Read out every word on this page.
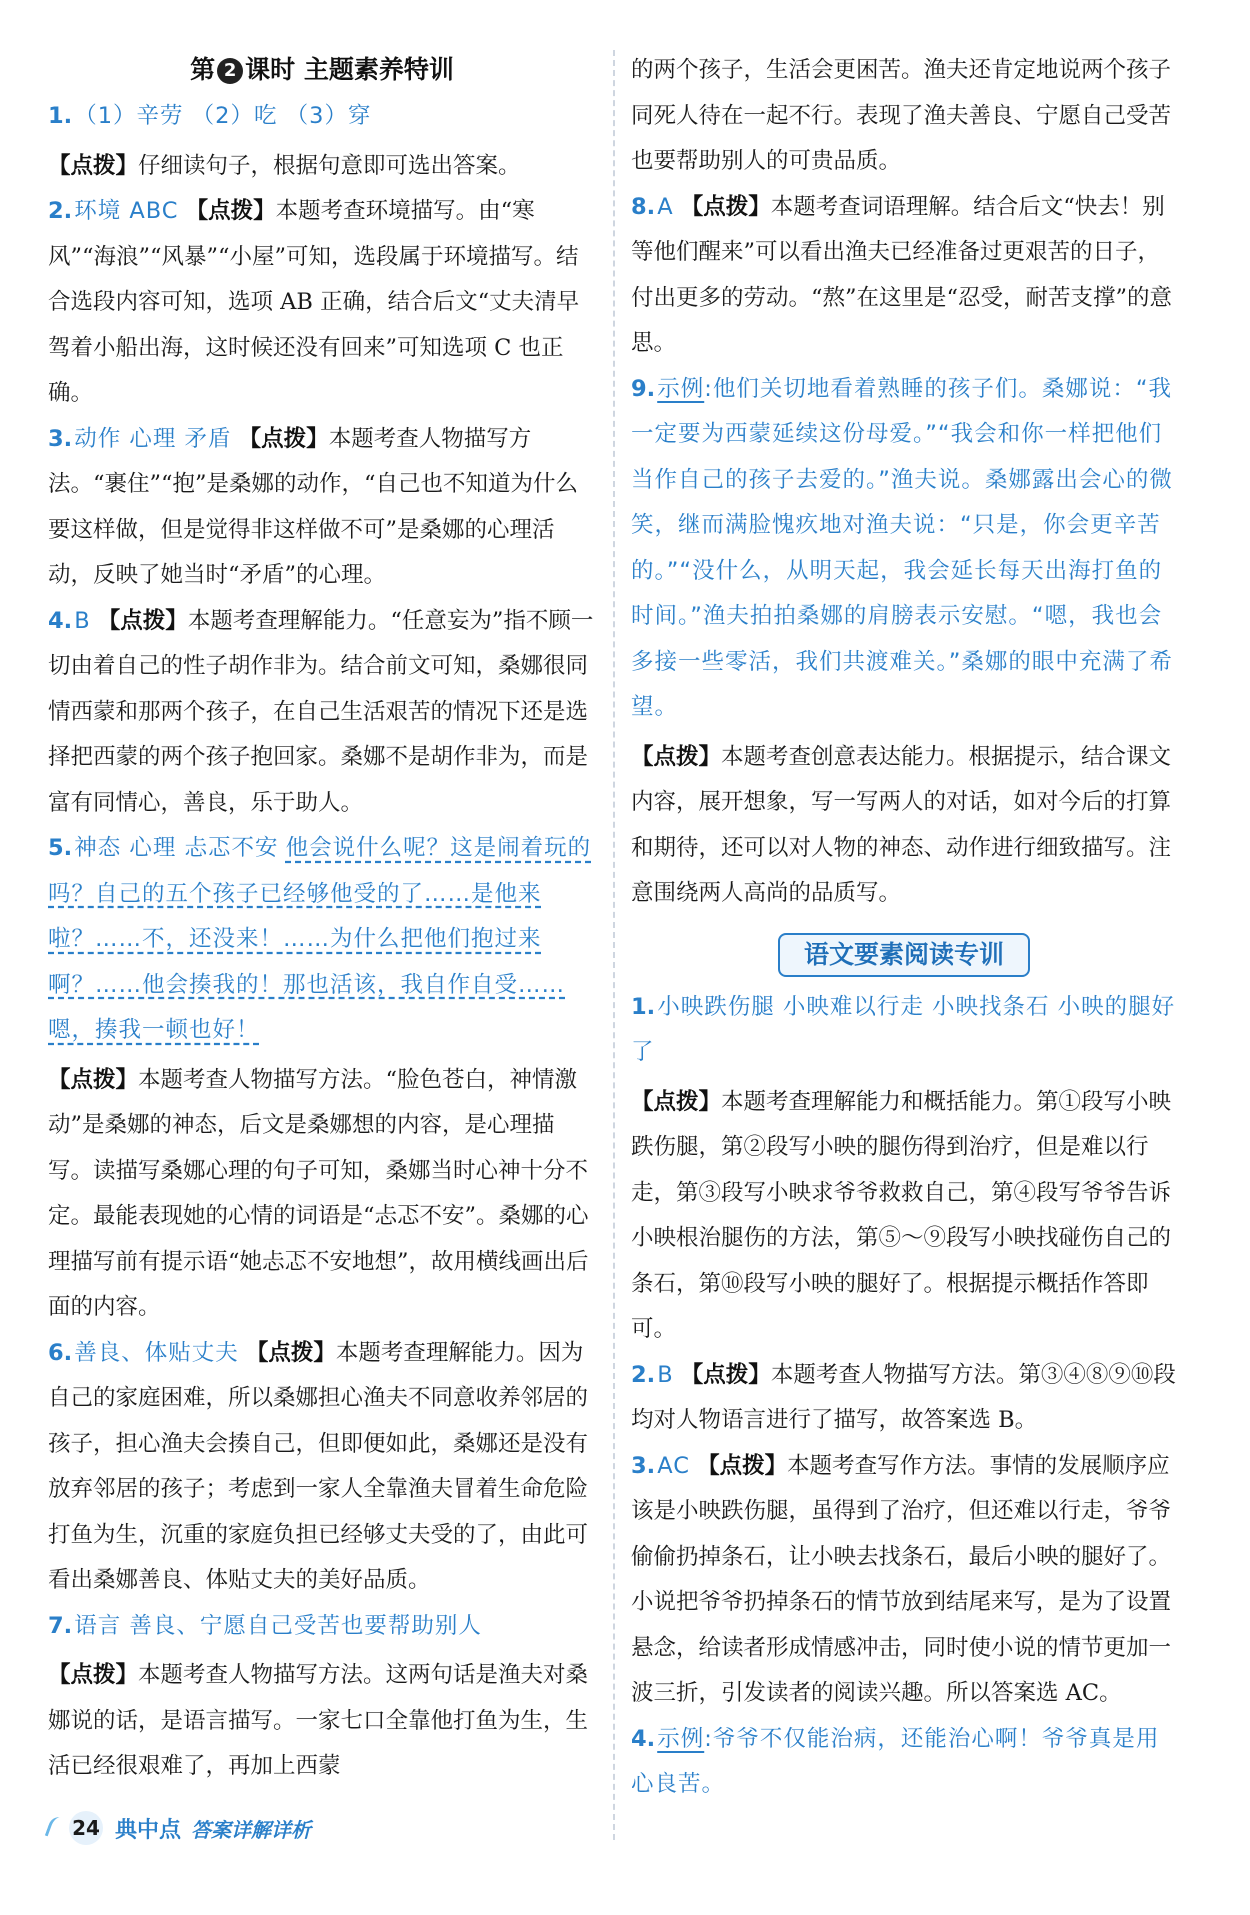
第 2 课时 主题素养特训

1.（1）辛劳 （2）吃 （3）穿

【点拨】仔细读句子，根据句意即可选出答案。

2.环境 ABC 【点拨】本题考查环境描写。由“寒风”“海浪”“风暴”“小屋”可知，选段属于环境描写。结合选段内容可知，选项 AB 正确，结合后文“丈夫清早驾着小船出海，这时候还没有回来”可知选项 C 也正确。

3.动作 心理 矛盾 【点拨】本题考查人物描写方法。“裹住”“抱”是桑娜的动作，“自己也不知道为什么要这样做，但是觉得非这样做不可”是桑娜的心理活动，反映了她当时“矛盾”的心理。

4.B 【点拨】本题考查理解能力。“任意妄为”指不顾一切由着自己的性子胡作非为。结合前文可知，桑娜很同情西蒙和那两个孩子，在自己生活艰苦的情况下还是选择把西蒙的两个孩子抱回家。桑娜不是胡作非为，而是富有同情心，善良，乐于助人。

5.神态 心理 忐忑不安 他会说什么呢？这是闹着玩的吗？自己的五个孩子已经够他受的了……是他来啦？……不，还没来！……为什么把他们抱过来啊？……他会揍我的！那也活该，我自作自受……嗯，揍我一顿也好！

【点拨】本题考查人物描写方法。“脸色苍白，神情激动”是桑娜的神态，后文是桑娜想的内容，是心理描写。读描写桑娜心理的句子可知，桑娜当时心神十分不定。最能表现她的心情的词语是“忐忑不安”。桑娜的心理描写前有提示语“她忐忑不安地想”，故用横线画出后面的内容。

6.善良、体贴丈夫 【点拨】本题考查理解能力。因为自己的家庭困难，所以桑娜担心渔夫不同意收养邻居的孩子，担心渔夫会揍自己，但即便如此，桑娜还是没有放弃邻居的孩子；考虑到一家人全靠渔夫冒着生命危险打鱼为生，沉重的家庭负担已经够丈夫受的了，由此可看出桑娜善良、体贴丈夫的美好品质。

7.语言 善良、宁愿自己受苦也要帮助别人

【点拨】本题考查人物描写方法。这两句话是渔夫对桑娜说的话，是语言描写。一家七口全靠他打鱼为生，生活已经很艰难了，再加上西蒙

的两个孩子，生活会更困苦。渔夫还肯定地说两个孩子同死人待在一起不行。表现了渔夫善良、宁愿自己受苦也要帮助别人的可贵品质。

8.A 【点拨】本题考查词语理解。结合后文“快去！别等他们醒来”可以看出渔夫已经准备过更艰苦的日子，付出更多的劳动。“熬”在这里是“忍受，耐苦支撑”的意思。

9.示例:他们关切地看着熟睡的孩子们。桑娜说：“我一定要为西蒙延续这份母爱。”“我会和你一样把他们当作自己的孩子去爱的。”渔夫说。桑娜露出会心的微笑，继而满脸愧疚地对渔夫说：“只是，你会更辛苦的。”“没什么，从明天起，我会延长每天出海打鱼的时间。”渔夫拍拍桑娜的肩膀表示安慰。“嗯，我也会多接一些零活，我们共渡难关。”桑娜的眼中充满了希望。

【点拨】本题考查创意表达能力。根据提示，结合课文内容，展开想象，写一写两人的对话，如对今后的打算和期待，还可以对人物的神态、动作进行细致描写。注意围绕两人高尚的品质写。

语文要素阅读专训

1.小映跌伤腿 小映难以行走 小映找条石 小映的腿好了

【点拨】本题考查理解能力和概括能力。第①段写小映跌伤腿，第②段写小映的腿伤得到治疗，但是难以行走，第③段写小映求爷爷救救自己，第④段写爷爷告诉小映根治腿伤的方法，第⑤～⑨段写小映找碰伤自己的条石，第⑩段写小映的腿好了。根据提示概括作答即可。

2.B 【点拨】本题考查人物描写方法。第③④⑧⑨⑩段均对人物语言进行了描写，故答案选 B。

3.AC 【点拨】本题考查写作方法。事情的发展顺序应该是小映跌伤腿，虽得到了治疗，但还难以行走，爷爷偷偷扔掉条石，让小映去找条石，最后小映的腿好了。小说把爷爷扔掉条石的情节放到结尾来写，是为了设置悬念，给读者形成情感冲击，同时使小说的情节更加一波三折，引发读者的阅读兴趣。所以答案选 AC。

4.示例:爷爷不仅能治病，还能治心啊！爷爷真是用心良苦。

24 典中点 答案详解详析
